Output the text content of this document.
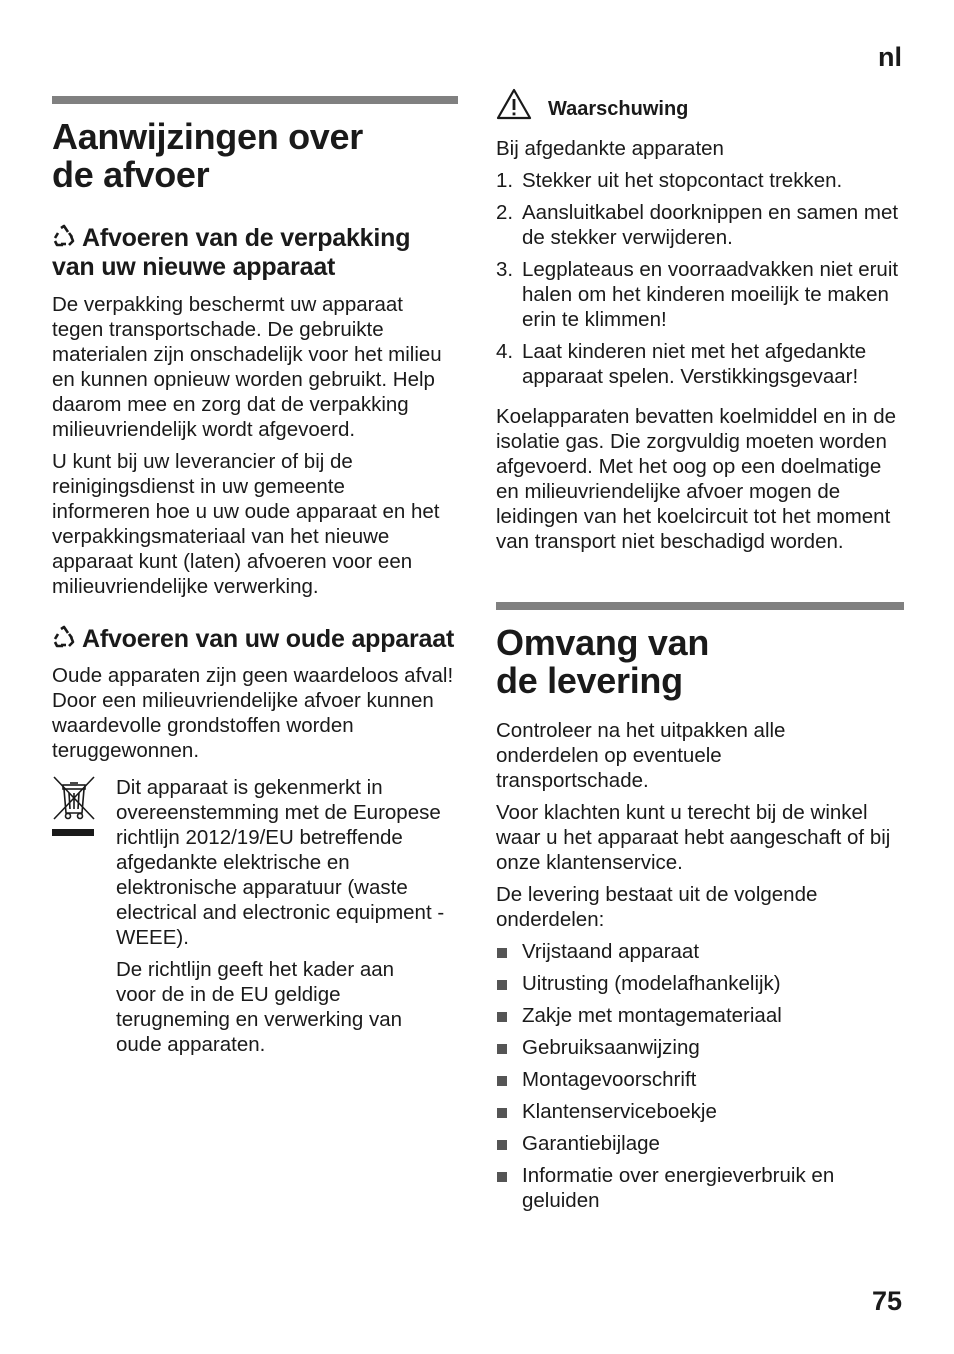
nl
Aanwijzingen over de afvoer
Afvoeren van de verpakking van uw nieuwe apparaat

De verpakking beschermt uw apparaat tegen transportschade. De gebruikte materialen zijn onschadelijk voor het milieu en kunnen opnieuw worden gebruikt. Help daarom mee en zorg dat de verpakking milieuvriendelijk wordt afgevoerd.

U kunt bij uw leverancier of bij de reinigingsdienst in uw gemeente informeren hoe u uw oude apparaat en het verpakkingsmateriaal van het nieuwe apparaat kunt (laten) afvoeren voor een milieuvriendelijke verwerking.

Afvoeren van uw oude apparaat

Oude apparaten zijn geen waardeloos afval! Door een milieuvriendelijke afvoer kunnen waardevolle grondstoffen worden teruggewonnen.

Dit apparaat is gekenmerkt in overeenstemming met de Europese richtlijn 2012/19/EU betreffende afgedankte elektrische en elektronische apparatuur (waste electrical and electronic equipment - WEEE).

De richtlijn geeft het kader aan voor de in de EU geldige terugneming en verwerking van oude apparaten.

Waarschuwing

Bij afgedankte apparaten

1. Stekker uit het stopcontact trekken.
2. Aansluitkabel doorknippen en samen met de stekker verwijderen.
3. Legplateaus en voorraadvakken niet eruit halen om het kinderen moeilijk te maken erin te klimmen!
4. Laat kinderen niet met het afgedankte apparaat spelen. Verstikkingsgevaar!

Koelapparaten bevatten koelmiddel en in de isolatie gas. Die zorgvuldig moeten worden afgevoerd. Met het oog op een doelmatige en milieuvriendelijke afvoer mogen de leidingen van het koelcircuit tot het moment van transport niet beschadigd worden.

Omvang van de levering

Controleer na het uitpakken alle onderdelen op eventuele transportschade.

Voor klachten kunt u terecht bij de winkel waar u het apparaat hebt aangeschaft of bij onze klantenservice.

De levering bestaat uit de volgende onderdelen:

Vrijstaand apparaat
Uitrusting (modelafhankelijk)
Zakje met montagemateriaal
Gebruiksaanwijzing
Montagevoorschrift
Klantenserviceboekje
Garantiebijlage
Informatie over energieverbruik en geluiden
75
